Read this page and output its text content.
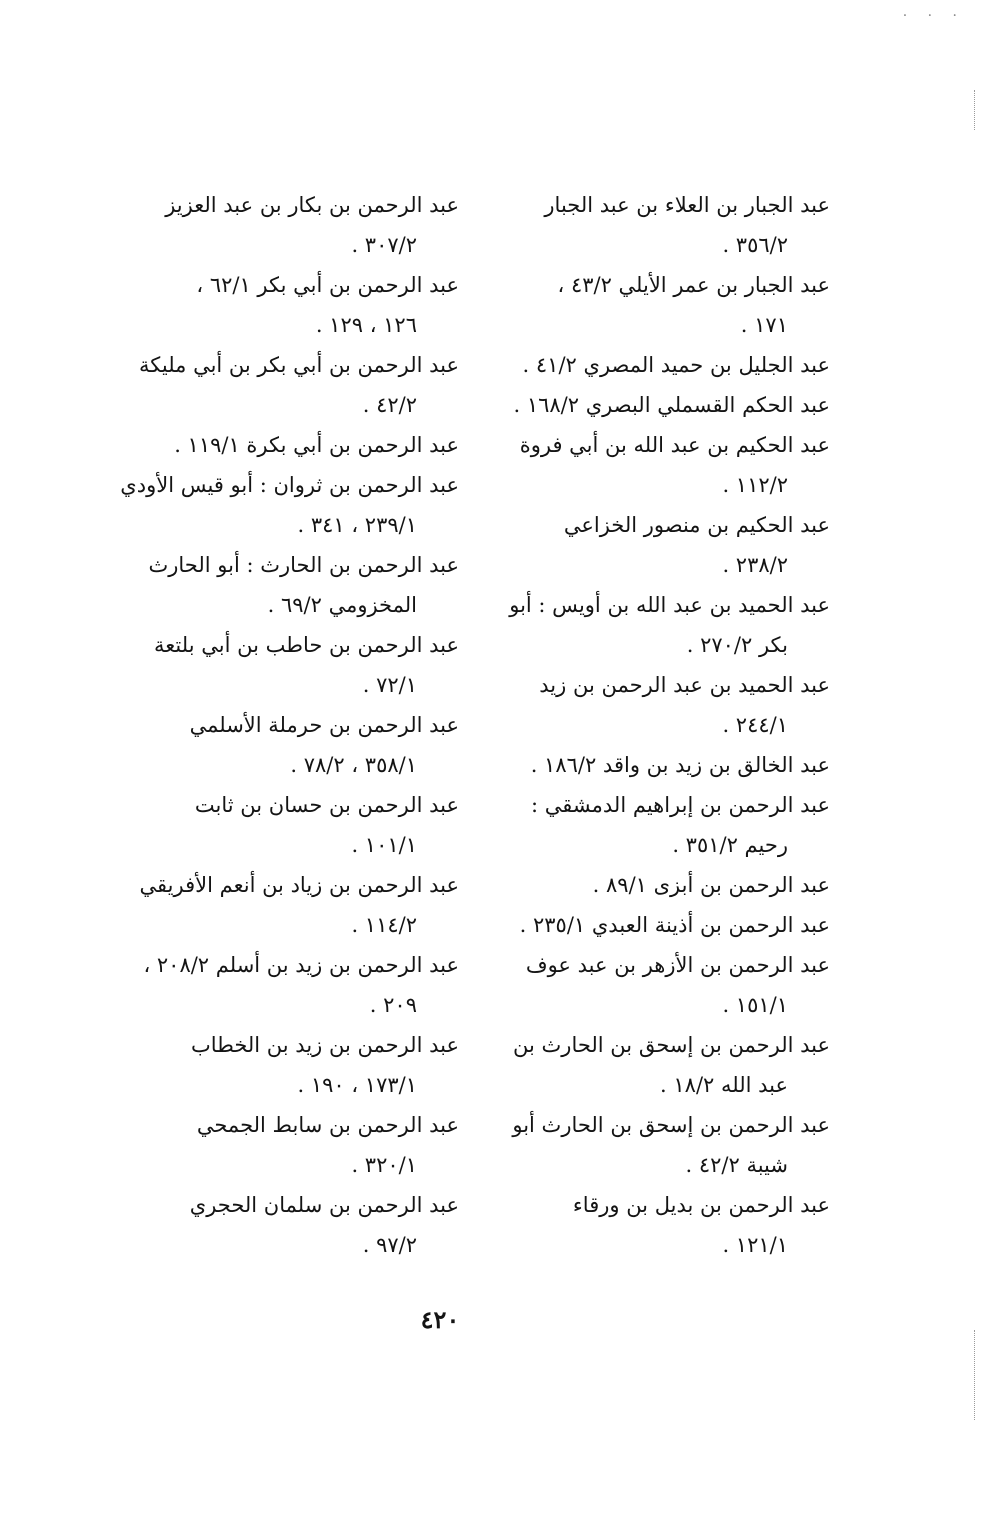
· · ·
عبد الجبار بن العلاء بن عبد الجبار
٣٥٦/٢ .
عبد الجبار بن عمر الأيلي ٤٣/٢ ،
١٧١ .
عبد الجليل بن حميد المصري ٤١/٢ .
عبد الحكم القسملي البصري ١٦٨/٢ .
عبد الحكيم بن عبد الله بن أبي فروة
١١٢/٢ .
عبد الحكيم بن منصور الخزاعي
٢٣٨/٢ .
عبد الحميد بن عبد الله بن أويس : أبو
بكر ٢٧٠/٢ .
عبد الحميد بن عبد الرحمن بن زيد
٢٤٤/١ .
عبد الخالق بن زيد بن واقد ١٨٦/٢ .
عبد الرحمن بن إبراهيم الدمشقي :
رحيم ٣٥١/٢ .
عبد الرحمن بن أبزى ٨٩/١ .
عبد الرحمن بن أذينة العبدي ٢٣٥/١ .
عبد الرحمن بن الأزهر بن عبد عوف
١٥١/١ .
عبد الرحمن بن إسحق بن الحارث بن
عبد الله ١٨/٢ .
عبد الرحمن بن إسحق بن الحارث أبو
شيبة ٤٢/٢ .
عبد الرحمن بن بديل بن ورقاء
١٢١/١ .
عبد الرحمن بن بكار بن عبد العزيز
٣٠٧/٢ .
عبد الرحمن بن أبي بكر ٦٢/١ ،
١٢٦ ، ١٢٩ .
عبد الرحمن بن أبي بكر بن أبي مليكة
٤٢/٢ .
عبد الرحمن بن أبي بكرة ١١٩/١ .
عبد الرحمن بن ثروان : أبو قيس الأودي
٢٣٩/١ ، ٣٤١ .
عبد الرحمن بن الحارث : أبو الحارث
المخزومي ٦٩/٢ .
عبد الرحمن بن حاطب بن أبي بلتعة
٧٢/١ .
عبد الرحمن بن حرملة الأسلمي
٣٥٨/١ ، ٧٨/٢ .
عبد الرحمن بن حسان بن ثابت
١٠١/١ .
عبد الرحمن بن زياد بن أنعم الأفريقي
١١٤/٢ .
عبد الرحمن بن زيد بن أسلم ٢٠٨/٢ ،
٢٠٩ .
عبد الرحمن بن زيد بن الخطاب
١٧٣/١ ، ١٩٠ .
عبد الرحمن بن سابط الجمحي
٣٢٠/١ .
عبد الرحمن بن سلمان الحجري
٩٧/٢ .
٤٢٠
